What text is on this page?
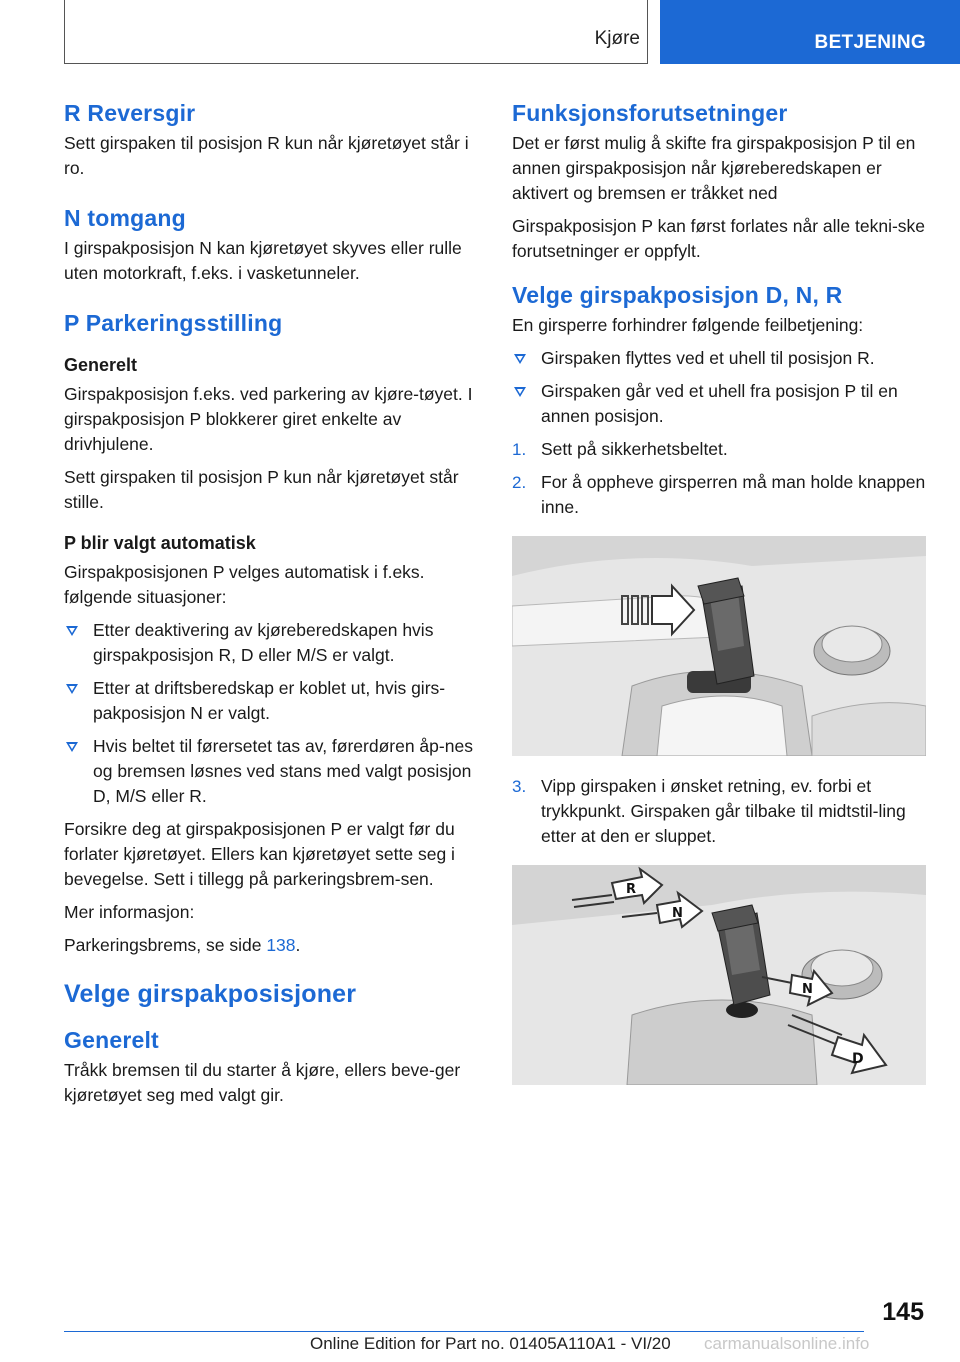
Kjøre	BETJENING
R Reversgir

Sett girspaken til posisjon R kun når kjøretøyet står i ro.

N tomgang

I girspakposisjon N kan kjøretøyet skyves eller rulle uten motorkraft, f.eks. i vasketunneler.

P Parkeringsstilling
Generelt

Girspakposisjon f.eks. ved parkering av kjøre-tøyet. I girspakposisjon P blokkerer giret enkelte av drivhjulene.

Sett girspaken til posisjon P kun når kjøretøyet står stille.

P blir valgt automatisk

Girspakposisjonen P velges automatisk i f.eks. følgende situasjoner:

Etter deaktivering av kjøreberedskapen hvis girspakposisjon R, D eller M/S er valgt.
Etter at driftsberedskap er koblet ut, hvis girs-pakposisjon N er valgt.
Hvis beltet til førersetet tas av, førerdøren åp-nes og bremsen løsnes ved stans med valgt posisjon D, M/S eller R.

Forsikre deg at girspakposisjonen P er valgt før du forlater kjøretøyet. Ellers kan kjøretøyet sette seg i bevegelse. Sett i tillegg på parkeringsbrem-sen.

Mer informasjon:

Parkeringsbrems, se side 138.

Velge girspakposisjoner
Generelt

Tråkk bremsen til du starter å kjøre, ellers beve-ger kjøretøyet seg med valgt gir.

Funksjonsforutsetninger

Det er først mulig å skifte fra girspakposisjon P til en annen girspakposisjon når kjøreberedskapen er aktivert og bremsen er tråkket ned

Girspakposisjon P kan først forlates når alle tekni-ske forutsetninger er oppfylt.

Velge girspakposisjon D, N, R

En girsperre forhindrer følgende feilbetjening:

Girspaken flyttes ved et uhell til posisjon R.
Girspaken går ved et uhell fra posisjon P til en annen posisjon.
1. Sett på sikkerhetsbeltet.
2. For å oppheve girsperren må man holde knappen inne.
3. Vipp girspaken i ønsket retning, ev. forbi et trykkpunkt. Girspaken går tilbake til midtstil-ling etter at den er sluppet.
R
N
N
D
145
Online Edition for Part no. 01405A110A1 - VI/20 carmanualsonline.info
